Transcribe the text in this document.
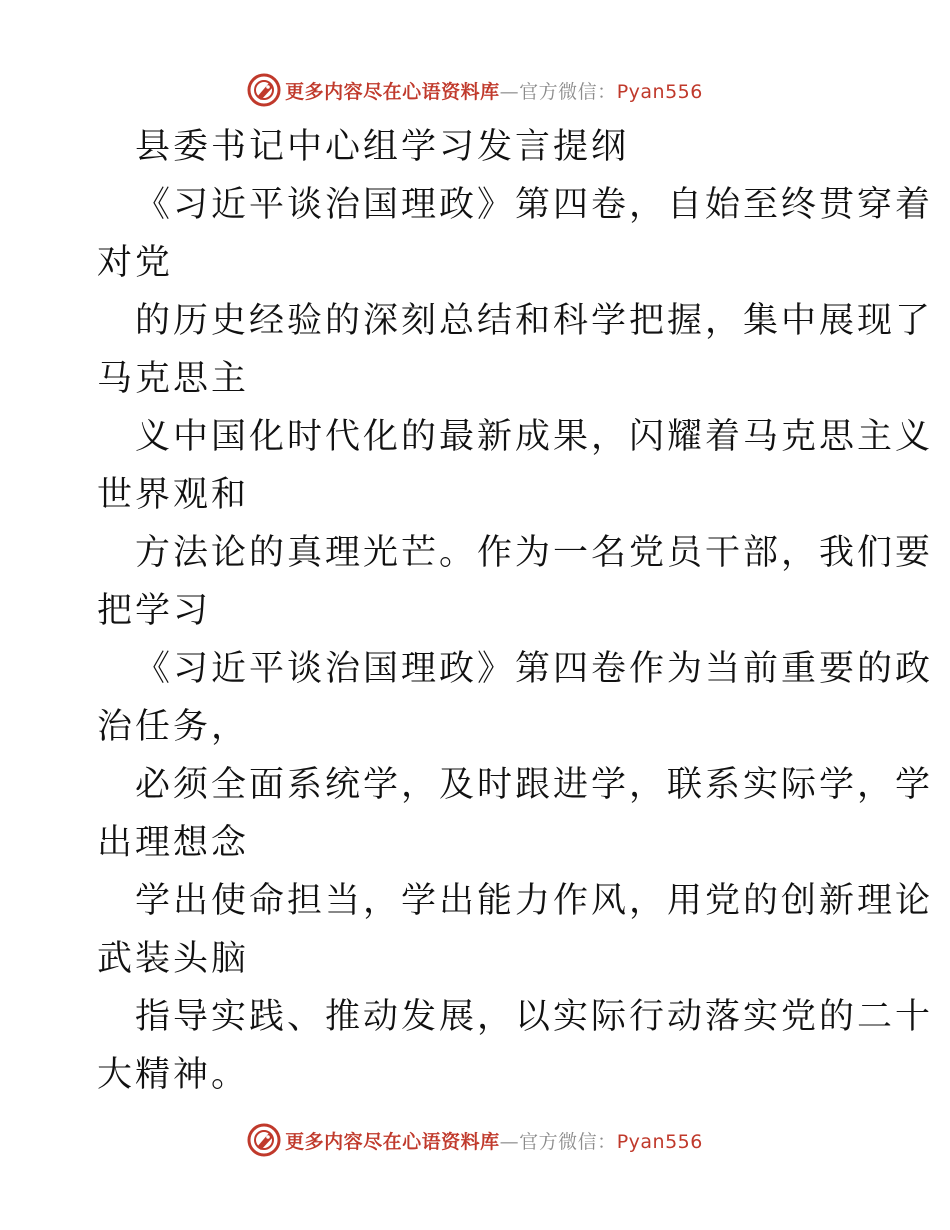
更多内容尽在心语资料库—官方微信：Pyan556
县委书记中心组学习发言提纲
《习近平谈治国理政》第四卷，自始至终贯穿着
对党
的历史经验的深刻总结和科学把握，集中展现了
马克思主
义中国化时代化的最新成果，闪耀着马克思主义
世界观和
方法论的真理光芒。作为一名党员干部，我们要
把学习
《习近平谈治国理政》第四卷作为当前重要的政
治任务，
必须全面系统学，及时跟进学，联系实际学，学
出理想念
学出使命担当，学出能力作风，用党的创新理论
武装头脑
指导实践、推动发展，以实际行动落实党的二十
大精神。
更多内容尽在心语资料库—官方微信：Pyan556
